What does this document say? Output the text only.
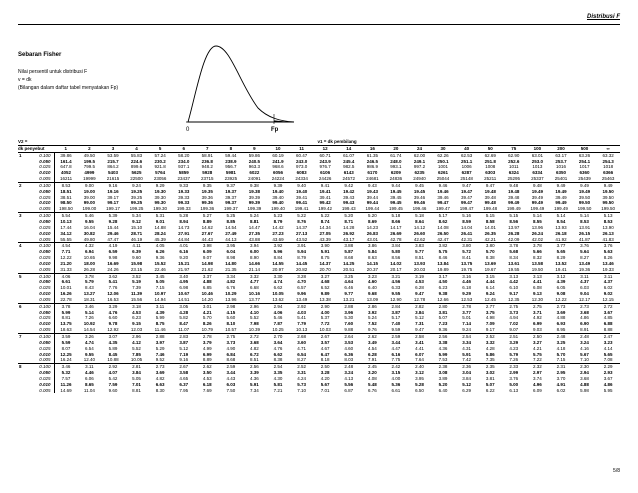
Distribusi F
Sebaran Fisher
Nilai persentil untuk distribusi F
v = dk
(Bilangan dalam daftar tabel menyatakan Fp)
0	Fp
V2 =		v1 = dk pembilang																							
dk penyebut		1	2	3	4	5	6	7	8	9	10	11	12	14	16	20	24	30	40	50	75	100	200	500	∞
1	0.100	39.86	49.50	53.59	55.83	57.24	58.20	58.91	59.44	59.86	60.19	60.47	60.71	61.07	61.35	61.74	62.00	62.26	62.53	62.69	62.90	63.01	63.17	63.26	63.32
	0.050	161.4	199.5	215.7	224.6	230.2	234.0	236.8	238.9	240.5	241.9	243.0	243.9	245.4	246.5	248.0	249.1	250.1	251.1	251.8	252.6	253.0	253.7	254.1	254.3
	0.025	647.8	799.5	864.2	899.6	921.8	937.1	948.2	956.7	963.3	968.6	973.0	976.7	982.5	986.9	993.1	997.2	1001	1006	1008	1011	1013	1016	1017	1018
	0.010	4052	4999	5403	5625	5764	5859	5928	5981	6022	6056	6083	6106	6143	6170	6209	6235	6261	6287	6303	6324	6334	6350	6360	6366
	0.005	16211	19999	21615	22500	23056	23437	23715	23925	24091	24224	24334	24426	24572	24681	24836	24940	25044	25148	25211	25295	25337	25401	25439	25463
2	0.100	8.53	9.00	9.16	9.24	9.29	9.33	9.35	9.37	9.38	9.39	9.40	9.41	9.42	9.43	9.44	9.45	9.46	9.47	9.47	9.48	9.48	9.49	9.49	9.49
	0.050	18.51	19.00	19.16	19.25	19.30	19.33	19.35	19.37	19.38	19.40	19.40	19.41	19.42	19.43	19.45	19.45	19.46	19.47	19.48	19.48	19.49	19.49	19.49	19.50
	0.025	38.51	39.00	39.17	39.25	39.30	39.33	39.36	39.37	39.39	39.40	39.41	39.41	39.43	39.44	39.45	39.46	39.46	39.47	39.48	39.48	39.49	39.49	39.50	39.50
	0.010	98.50	99.00	99.17	99.25	99.30	99.33	99.36	99.37	99.39	99.40	99.41	99.42	99.43	99.44	99.45	99.46	99.47	99.47	99.48	99.49	99.49	99.49	99.50	99.50
	0.005	198.50	199.00	199.17	199.25	199.30	199.33	199.36	199.37	199.39	199.40	199.41	199.42	199.43	199.44	199.45	199.46	199.47	199.47	199.48	199.49	199.49	199.49	199.50	199.50
3	0.100	5.54	5.46	5.39	5.34	5.31	5.28	5.27	5.25	5.24	5.23	5.22	5.22	5.20	5.20	5.18	5.18	5.17	5.16	5.15	5.15	5.14	5.14	5.14	5.13
	0.050	10.13	9.55	9.28	9.12	9.01	8.94	8.89	8.85	8.81	8.79	8.76	8.74	8.71	8.69	8.66	8.64	8.62	8.59	8.58	8.56	8.55	8.54	8.53	8.53
	0.025	17.44	16.04	15.44	15.10	14.88	14.73	14.62	14.54	14.47	14.42	14.37	14.34	14.28	14.23	14.17	14.12	14.08	14.04	14.01	13.97	13.96	13.93	13.91	13.90
	0.010	34.12	30.82	29.46	28.71	28.24	27.91	27.67	27.49	27.35	27.23	27.13	27.05	26.92	26.83	26.69	26.60	26.50	26.41	26.35	26.28	26.24	26.18	26.15	26.13
	0.005	55.55	49.80	47.47	46.19	45.39	44.84	44.43	44.13	43.88	43.69	43.52	43.39	43.17	43.01	42.78	42.62	42.47	42.31	42.21	42.09	42.02	41.92	41.87	41.83
4	0.100	4.54	4.32	4.19	4.11	4.05	4.01	3.98	3.95	3.94	3.92	3.91	3.90	3.88	3.86	3.84	3.83	3.82	3.80	3.80	3.78	3.78	3.77	3.76	3.76
	0.050	7.71	6.94	6.59	6.39	6.26	6.16	6.09	6.04	6.00	5.96	5.94	5.91	5.87	5.84	5.80	5.77	5.75	5.72	5.70	5.68	5.66	5.65	5.64	5.63
	0.025	12.22	10.65	9.98	9.60	9.36	9.20	9.07	8.98	8.90	8.84	8.79	8.75	8.68	8.63	8.56	8.51	8.46	8.41	8.38	8.34	8.32	8.29	8.27	8.26
	0.010	21.20	18.00	16.69	15.98	15.52	15.21	14.98	14.80	14.66	14.55	14.45	14.37	14.25	14.15	14.02	13.93	13.84	13.75	13.69	13.61	13.58	13.52	13.49	13.46
	0.005	31.33	26.28	24.26	23.15	22.46	21.97	21.62	21.35	21.14	20.97	20.82	20.70	20.51	20.37	20.17	20.03	19.89	19.75	19.67	19.55	19.50	19.41	19.36	19.33
5	0.100	4.06	3.78	3.62	3.52	3.45	3.40	3.37	3.34	3.32	3.30	3.28	3.27	3.25	3.23	3.21	3.19	3.17	3.16	3.15	3.13	3.13	3.12	3.11	3.11
	0.050	6.61	5.79	5.41	5.19	5.05	4.95	4.88	4.82	4.77	4.74	4.70	4.68	4.64	4.60	4.56	4.53	4.50	4.46	4.44	4.42	4.41	4.39	4.37	4.37
	0.025	10.01	8.43	7.76	7.39	7.15	6.98	6.85	6.76	6.68	6.62	6.57	6.52	6.46	6.40	6.33	6.28	6.23	6.18	6.14	6.10	6.08	6.05	6.03	6.02
	0.010	16.26	13.27	12.06	11.39	10.97	10.67	10.46	10.29	10.16	10.05	9.96	9.89	9.77	9.68	9.55	9.47	9.38	9.29	9.24	9.17	9.13	9.08	9.04	9.02
	0.005	22.78	18.31	16.53	15.56	14.94	14.51	14.20	13.96	13.77	13.62	13.49	13.38	13.21	13.09	12.90	12.78	12.66	12.53	12.45	12.35	12.30	12.22	12.17	12.15
6	0.100	3.78	3.46	3.29	3.18	3.11	3.05	3.01	2.98	2.96	2.94	2.92	2.90	2.88	2.86	2.84	2.82	2.80	2.78	2.77	2.75	2.75	2.73	2.73	2.72
	0.050	5.99	5.14	4.76	4.53	4.39	4.28	4.21	4.15	4.10	4.06	4.03	4.00	3.96	3.92	3.87	3.84	3.81	3.77	3.75	3.73	3.71	3.69	3.68	3.67
	0.025	8.81	7.26	6.60	6.23	5.99	5.82	5.70	5.60	5.52	5.46	5.41	5.37	5.30	5.24	5.17	5.12	5.07	5.01	4.98	4.94	4.92	4.88	4.86	4.85
	0.010	13.75	10.92	9.78	9.15	8.75	8.47	8.26	8.10	7.98	7.87	7.79	7.72	7.60	7.52	7.40	7.31	7.23	7.14	7.09	7.02	6.99	6.93	6.90	6.88
	0.005	18.63	14.54	12.92	12.03	11.46	11.07	10.79	10.57	10.39	10.25	10.13	10.03	9.88	9.76	9.59	9.47	9.36	9.24	9.17	9.07	9.03	8.95	8.91	8.88
7	0.100	3.59	3.26	3.07	2.96	2.88	2.83	2.78	2.75	2.72	2.70	2.68	2.67	2.64	2.62	2.59	2.58	2.56	2.54	2.52	2.51	2.50	2.48	2.48	2.47
	0.050	5.59	4.74	4.35	4.12	3.97	3.87	3.79	3.73	3.68	3.64	3.60	3.57	3.53	3.49	3.44	3.41	3.38	3.34	3.32	3.29	3.27	3.25	3.24	3.23
	0.025	8.07	6.54	5.89	5.52	5.29	5.12	4.99	4.90	4.82	4.76	4.71	4.67	4.60	4.54	4.47	4.41	4.36	4.31	4.28	4.23	4.21	4.18	4.16	4.14
	0.010	12.25	9.55	8.45	7.85	7.46	7.19	6.99	6.84	6.72	6.62	6.54	6.47	6.36	6.28	6.16	6.07	5.99	5.91	5.86	5.79	5.75	5.70	5.67	5.65
	0.005	16.24	12.40	10.88	10.05	9.52	9.16	8.89	8.68	8.51	8.38	8.27	8.18	8.03	7.91	7.75	7.64	7.53	7.42	7.35	7.26	7.22	7.15	7.10	7.08
8	0.100	3.46	3.11	2.92	2.81	2.73	2.67	2.62	2.59	2.56	2.54	2.52	2.50	2.48	2.45	2.42	2.40	2.38	2.36	2.35	2.33	2.32	2.31	2.30	2.29
	0.050	5.32	4.46	4.07	3.84	3.69	3.58	3.50	3.44	3.39	3.35	3.31	3.28	3.24	3.20	3.15	3.12	3.08	3.04	3.02	2.99	2.97	2.95	2.94	2.93
	0.025	7.57	6.06	5.42	5.05	4.82	4.65	4.53	4.43	4.36	4.30	4.24	4.20	4.13	4.08	4.00	3.95	3.89	3.84	3.81	3.76	3.74	3.70	3.68	3.67
	0.010	11.26	8.65	7.59	7.01	6.63	6.37	6.18	6.03	5.91	5.81	5.73	5.67	5.56	5.48	5.36	5.28	5.20	5.12	5.07	5.00	4.96	4.91	4.88	4.86
	0.005	14.69	11.04	9.60	8.81	8.30	7.95	7.69	7.50	7.34	7.21	7.10	7.01	6.87	6.76	6.61	6.50	6.40	6.29	6.22	6.13	6.09	6.02	5.98	5.95
5/8
